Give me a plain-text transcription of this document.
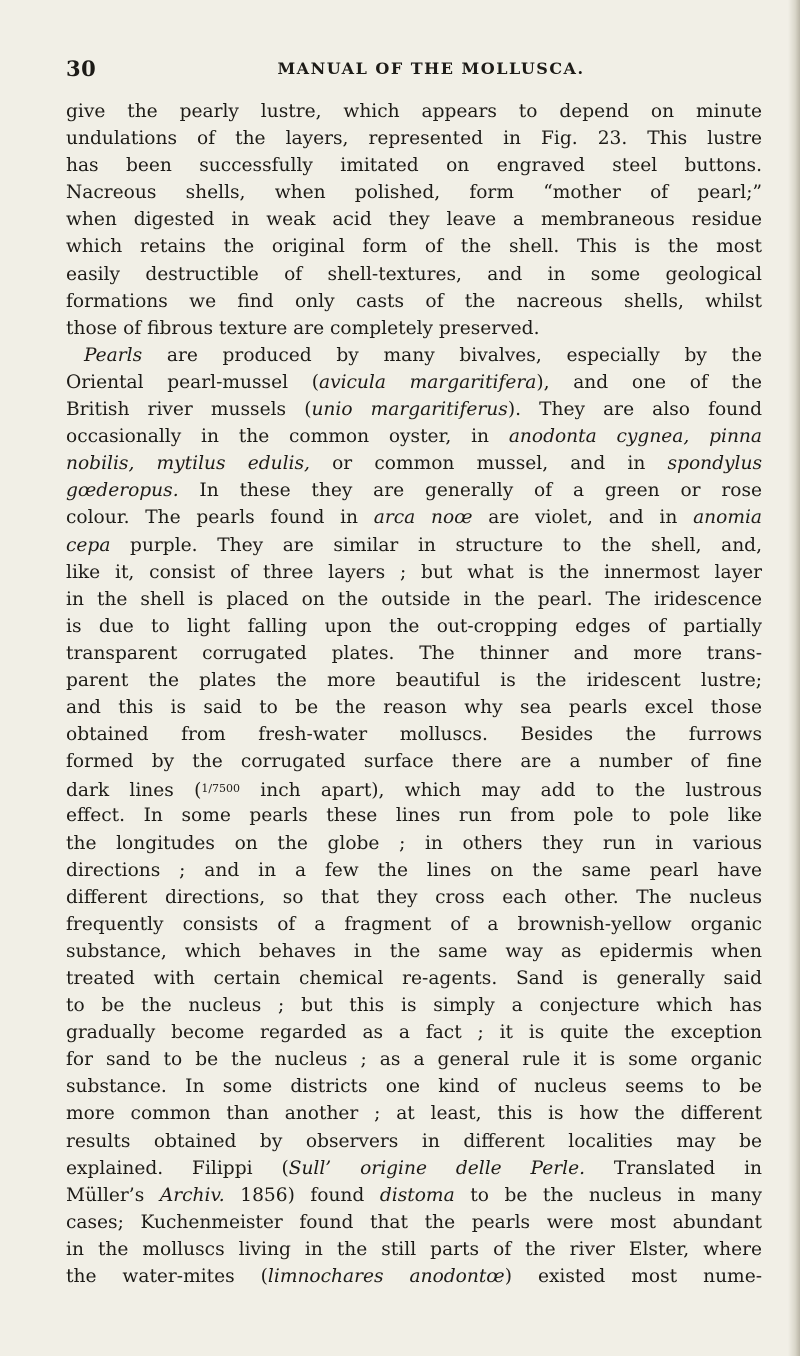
30	MANUAL OF THE MOLLUSCA.
give the pearly lustre, which appears to depend on minute
undulations of the layers, represented in Fig. 23. This lustre
has been successfully imitated on engraved steel buttons.
Nacreous shells, when polished, form “mother of pearl;”
when digested in weak acid they leave a membraneous residue
which retains the original form of the shell. This is the most
easily destructible of shell-textures, and in some geological
formations we find only casts of the nacreous shells, whilst
those of fibrous texture are completely preserved.
Pearls are produced by many bivalves, especially by the
Oriental pearl-mussel (avicula margaritifera), and one of the
British river mussels (unio margaritiferus). They are also found
occasionally in the common oyster, in anodonta cygnea, pinna
nobilis, mytilus edulis, or common mussel, and in spondylus
gœderopus. In these they are generally of a green or rose
colour. The pearls found in arca noœ are violet, and in anomia
cepa purple. They are similar in structure to the shell, and,
like it, consist of three layers ; but what is the innermost layer
in the shell is placed on the outside in the pearl. The iridescence
is due to light falling upon the out-cropping edges of partially
transparent corrugated plates. The thinner and more trans-
parent the plates the more beautiful is the iridescent lustre;
and this is said to be the reason why sea pearls excel those
obtained from fresh-water molluscs. Besides the furrows
formed by the corrugated surface there are a number of fine
dark lines ($^{1/7500}$ inch apart), which may add to the lustrous
effect. In some pearls these lines run from pole to pole like
the longitudes on the globe ; in others they run in various
directions ; and in a few the lines on the same pearl have
different directions, so that they cross each other. The nucleus
frequently consists of a fragment of a brownish-yellow organic
substance, which behaves in the same way as epidermis when
treated with certain chemical re-agents. Sand is generally said
to be the nucleus ; but this is simply a conjecture which has
gradually become regarded as a fact ; it is quite the exception
for sand to be the nucleus ; as a general rule it is some organic
substance. In some districts one kind of nucleus seems to be
more common than another ; at least, this is how the different
results obtained by observers in different localities may be
explained. Filippi (Sull’ origine delle Perle. Translated in
Müller’s Archiv. 1856) found distoma to be the nucleus in many
cases; Kuchenmeister found that the pearls were most abundant
in the molluscs living in the still parts of the river Elster, where
the water-mites (limnochares anodontœ) existed most nume-
